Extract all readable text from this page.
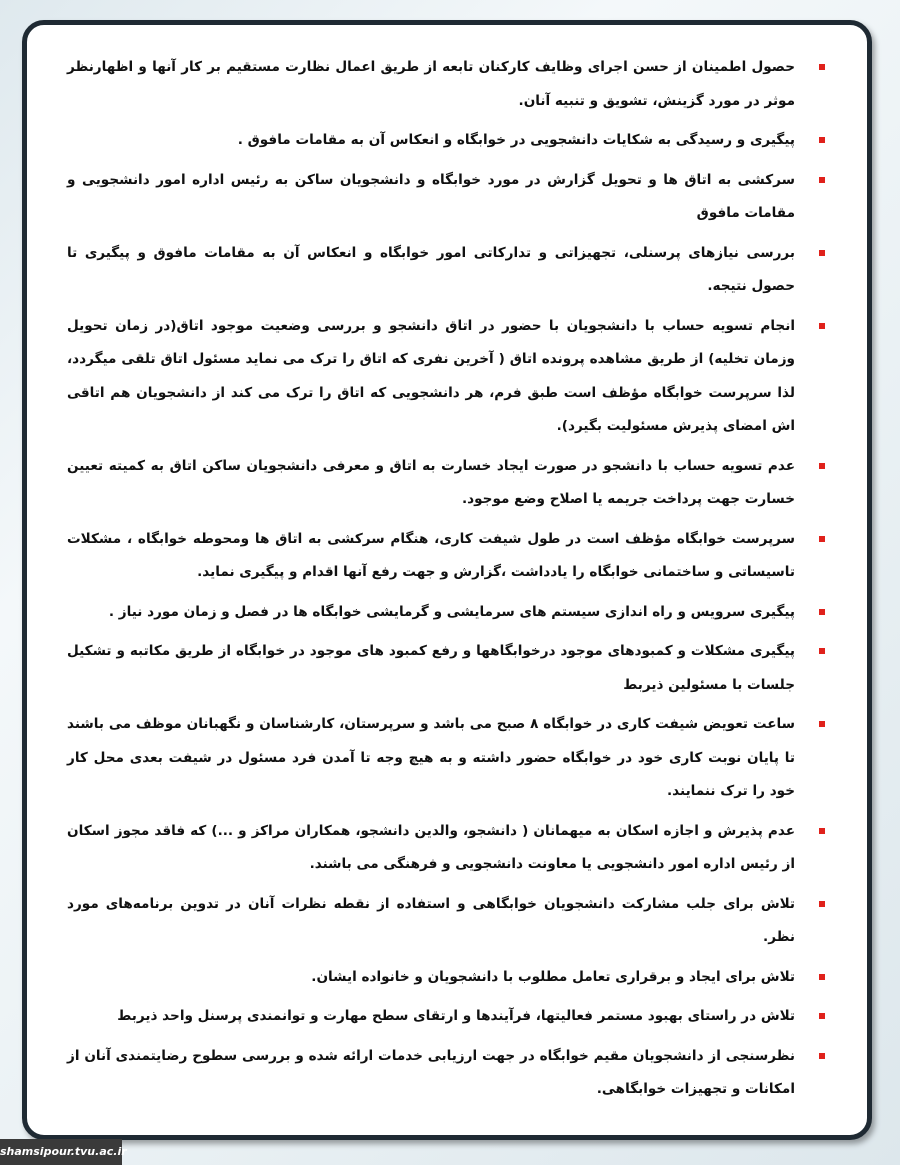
حصول اطمینان از حسن اجرای وظایف کارکنان تابعه از طریق اعمال نظارت مستقیم بر کار آنها و اظهارنظر موثر در مورد گزینش، تشویق و تنبیه آنان.
پیگیری و رسیدگی به شکایات دانشجویی در خوابگاه و انعکاس آن به مقامات مافوق .
سرکشی به اتاق ها و تحویل گزارش در مورد خوابگاه و دانشجویان ساکن به رئیس اداره امور دانشجویی و مقامات مافوق
بررسی نیازهای پرسنلی، تجهیزاتی و تدارکاتی امور خوابگاه و انعکاس آن به مقامات مافوق و پیگیری تا حصول نتیجه.
انجام تسویه حساب با دانشجویان با حضور در اتاق دانشجو و بررسی وضعیت موجود اتاق(در زمان تحویل وزمان تخلیه) از طریق مشاهده پرونده اتاق ( آخرین نفری که اتاق را ترک می نماید مسئول اتاق تلقی میگردد، لذا سرپرست خوابگاه مؤظف است طبق فرم، هر دانشجویی که اتاق را ترک می کند از دانشجویان هم اتاقی اش امضای پذیرش مسئولیت بگیرد).
عدم تسویه حساب با دانشجو در صورت ایجاد خسارت به اتاق و معرفی دانشجویان ساکن اتاق به کمیته تعیین خسارت جهت پرداخت جریمه یا اصلاح وضع موجود.
سرپرست خوابگاه مؤظف است در طول شیفت کاری، هنگام سرکشی به اتاق ها ومحوطه خوابگاه ، مشکلات تاسیساتی و ساختمانی خوابگاه را یادداشت ،گزارش و جهت رفع آنها اقدام و پیگیری نماید.
پیگیری سرویس و راه اندازی سیستم های سرمایشی و گرمایشی خوابگاه ها در فصل و زمان مورد نیاز .
پیگیری مشکلات و کمبودهای موجود درخوابگاهها و رفع کمبود های موجود در خوابگاه از طریق مکاتبه و تشکیل جلسات با مسئولین ذیربط
ساعت تعویض شیفت کاری در خوابگاه ۸ صبح می باشد و سرپرستان، کارشناسان و نگهبانان موظف می باشند تا پایان نوبت کاری خود در خوابگاه حضور داشته و به هیچ وجه تا آمدن فرد مسئول در شیفت بعدی محل کار خود را ترک ننمایند.
عدم پذیرش و اجازه اسکان به میهمانان ( دانشجو، والدین دانشجو، همکاران مراکز و ...) که فاقد مجوز اسکان از رئیس اداره امور دانشجویی یا معاونت دانشجویی و فرهنگی می باشند.
تلاش برای جلب مشارکت دانشجویان خوابگاهی و استفاده از نقطه نظرات آنان در تدوین برنامه‌های مورد نظر.
تلاش برای ایجاد و برقراری تعامل مطلوب با دانشجویان و خانواده ایشان.
تلاش در راستای بهبود مستمر فعالیتها، فرآیندها و ارتقای سطح مهارت و توانمندی پرسنل واحد ذیربط
نظرسنجی از دانشجویان مقیم خوابگاه در جهت ارزیابی خدمات ارائه شده و بررسی سطوح رضایتمندی آنان از امکانات و تجهیزات خوابگاهی.
shamsipour.tvu.ac.ir
